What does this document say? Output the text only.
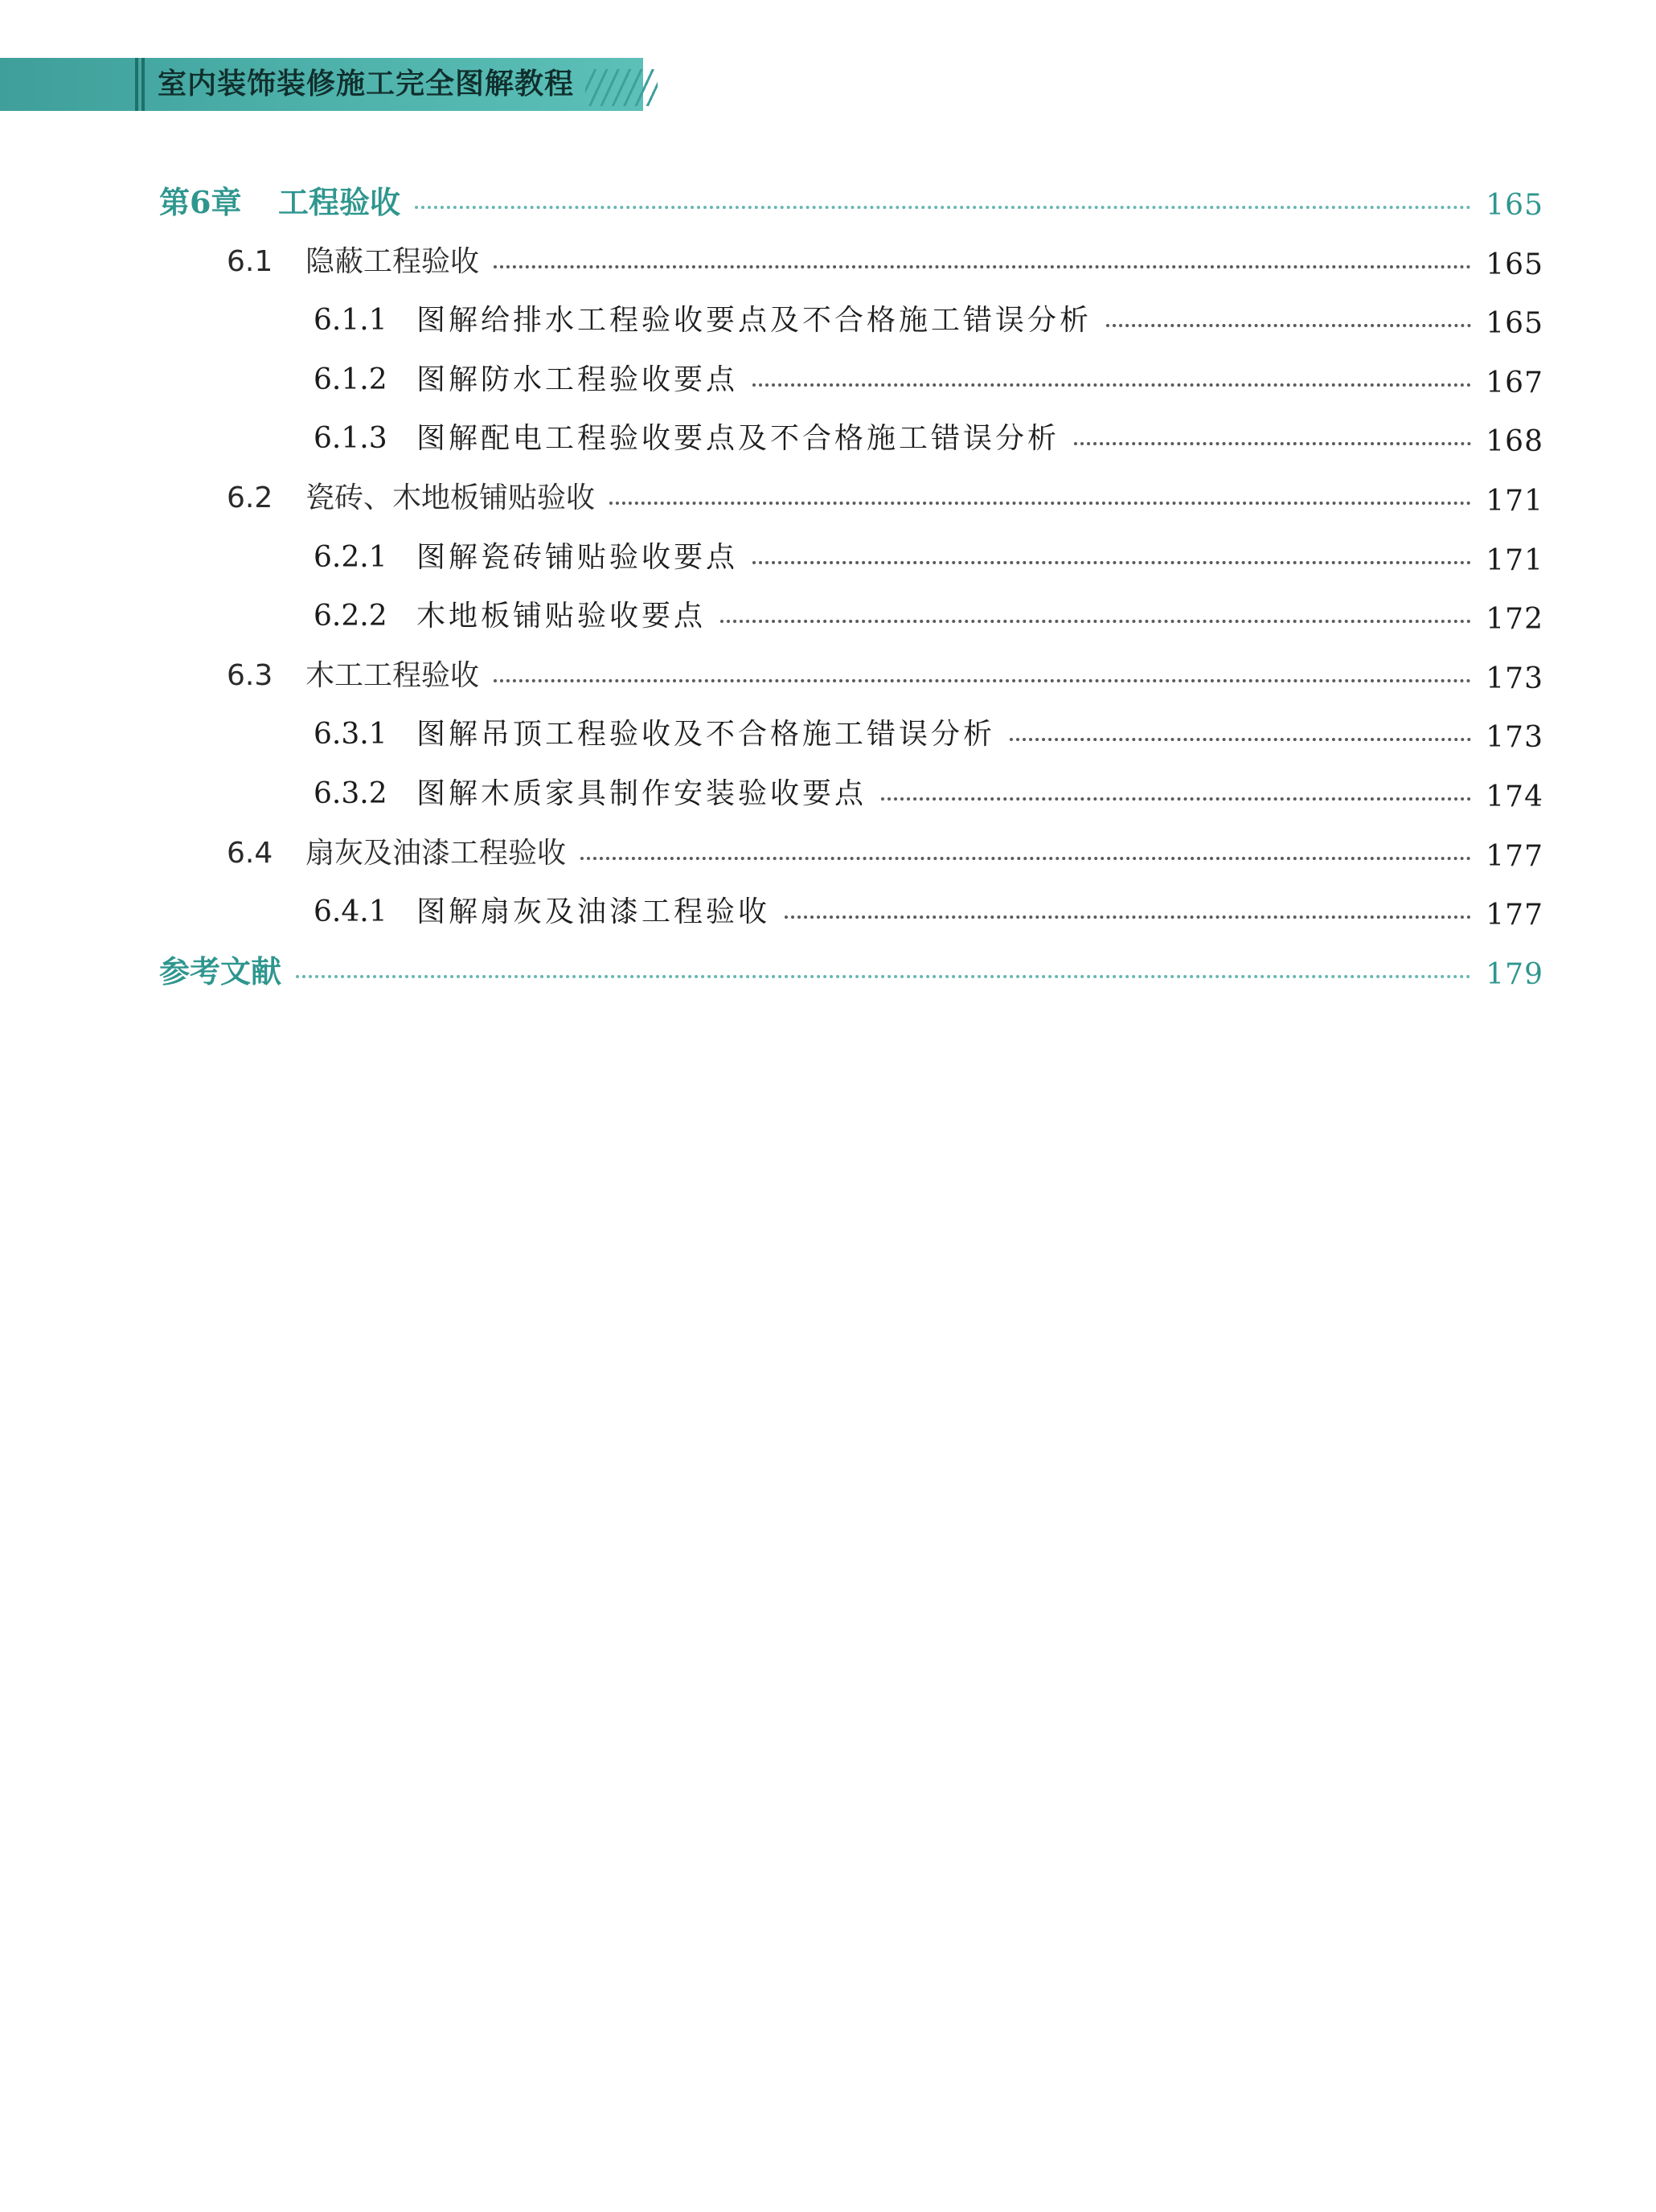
室内装饰装修施工完全图解教程
第6章 工程验收	165
6.1 隐蔽工程验收	165
6.1.1 图解给排水工程验收要点及不合格施工错误分析	165
6.1.2 图解防水工程验收要点	167
6.1.3 图解配电工程验收要点及不合格施工错误分析	168
6.2 瓷砖、木地板铺贴验收	171
6.2.1 图解瓷砖铺贴验收要点	171
6.2.2 木地板铺贴验收要点	172
6.3 木工工程验收	173
6.3.1 图解吊顶工程验收及不合格施工错误分析	173
6.3.2 图解木质家具制作安装验收要点	174
6.4 扇灰及油漆工程验收	177
6.4.1 图解扇灰及油漆工程验收	177
参考文献	179
